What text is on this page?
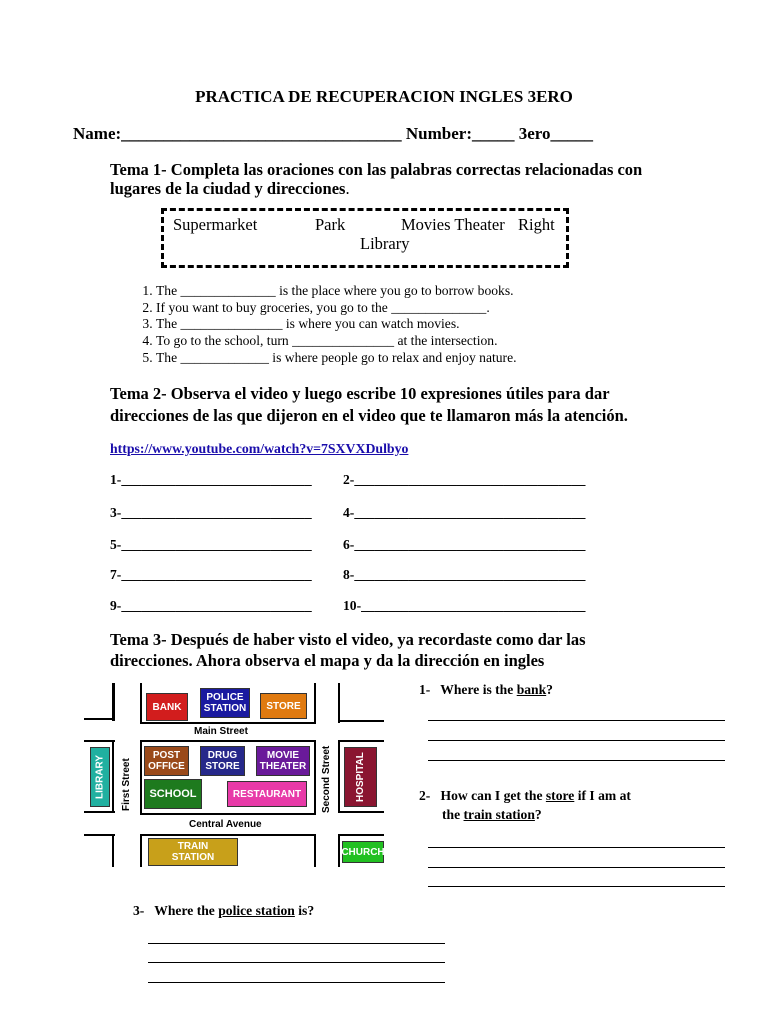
PRACTICA DE RECUPERACION INGLES 3ERO
Name:_________________________________ Number:_____ 3ero_____
Tema 1- Completa las oraciones con las palabras correctas relacionadas con
lugares de la ciudad y direcciones.
Supermarket	Park	Movies Theater Right
Library
1. The ______________ is the place where you go to borrow books.
2. If you want to buy groceries, you go to the ______________.
3. The _______________ is where you can watch movies.
4. To go to the school, turn _______________ at the intersection.
5. The _____________ is where people go to relax and enjoy nature.
Tema 2- Observa el video y luego escribe 10 expresiones útiles para dar
direcciones de las que dijeron en el video que te llamaron más la atención.
https://www.youtube.com/watch?v=7SXVXDulbyo
1-____________________________ 2-__________________________________
3-____________________________ 4-__________________________________
5-____________________________ 6-__________________________________
7-____________________________ 8-__________________________________
9-____________________________ 10-_________________________________
Tema 3- Después de haber visto el video, ya recordaste como dar las
direcciones. Ahora observa el mapa y da la dirección en ingles
Main Street
Central Avenue
First Street	Second Street
BANK
POLICE
STATION	STORE
POST
OFFICE
DRUG
STORE
MOVIE
THEATER
SCHOOL	RESTAURANT
LIBRARY	HOSPITAL
TRAIN
STATION	CHURCH
1- Where is the bank?
2- How can I get the store if I am at
the train station?
3- Where the police station is?
